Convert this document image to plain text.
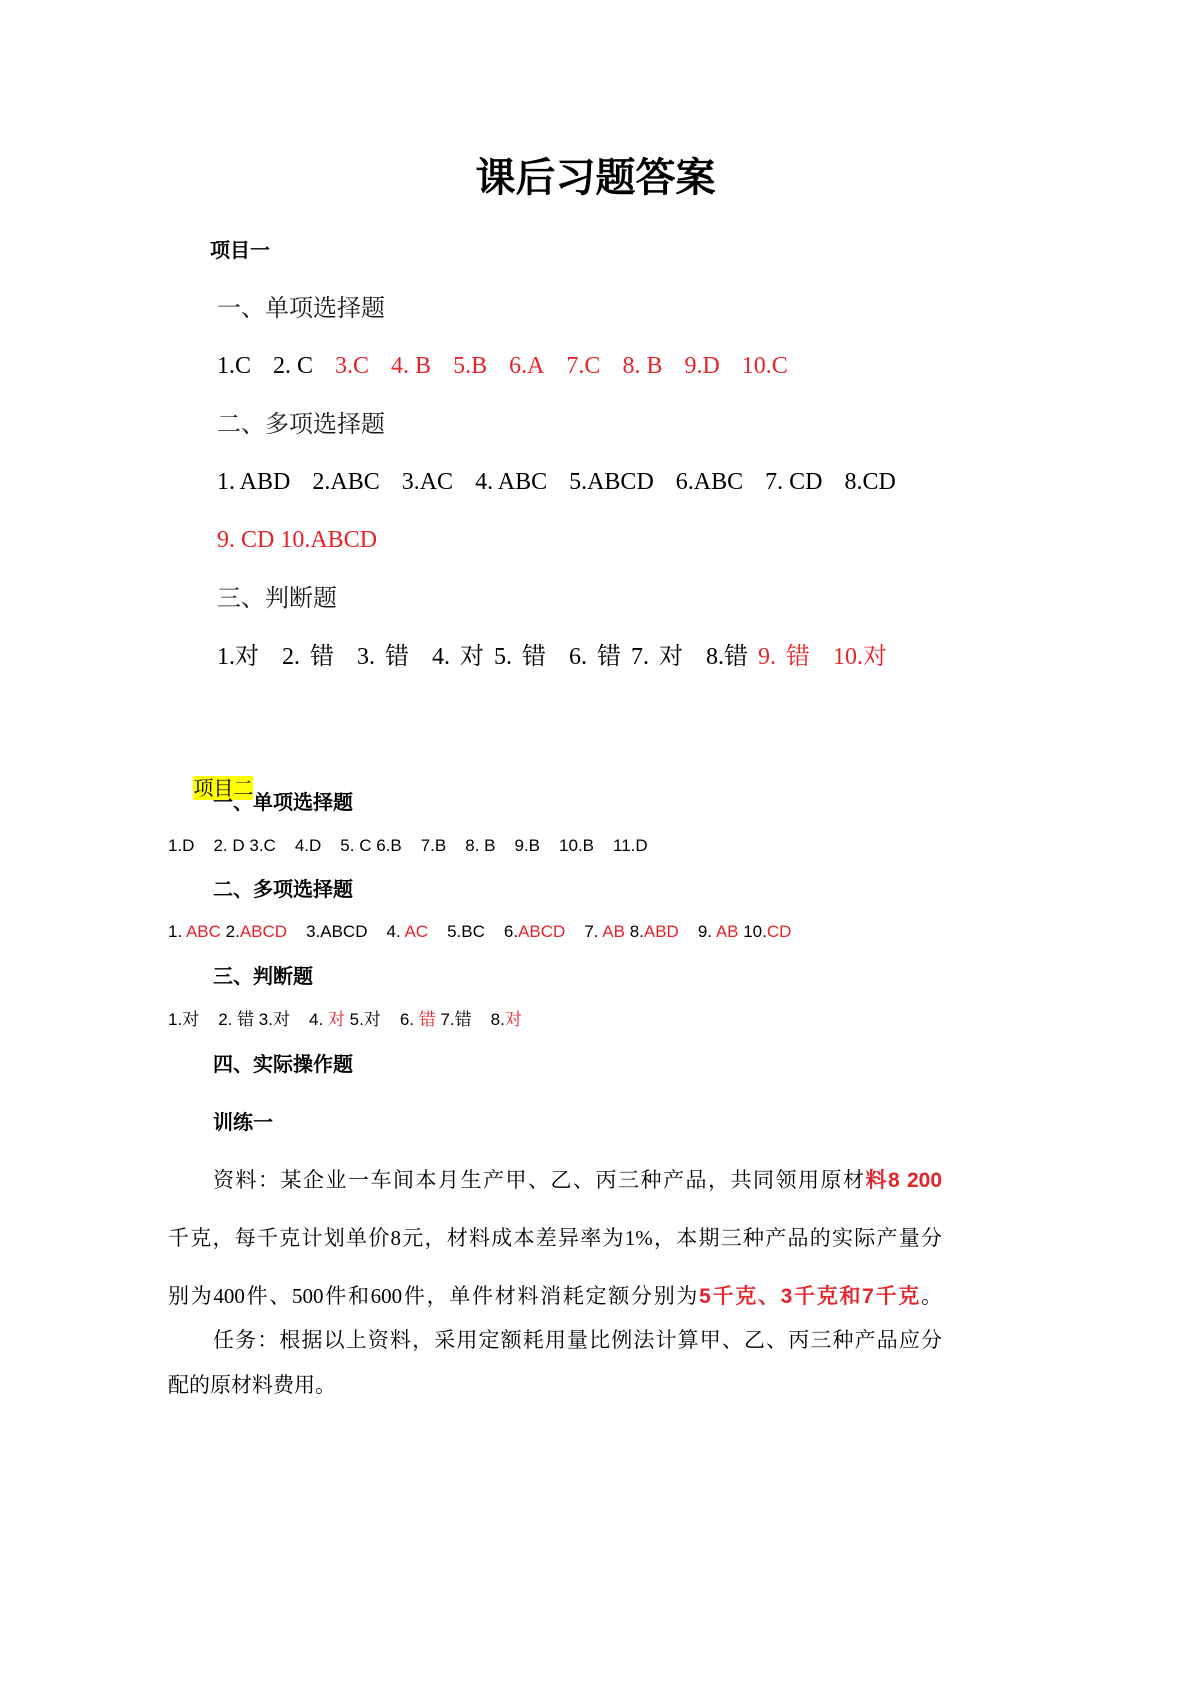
课后习题答案
项目一
一、单项选择题
1.C 2. C 3.C 4. B 5.B 6.A 7.C 8. B 9.D 10.C
二、多项选择题
1. ABD 2.ABC 3.AC 4. ABC 5.ABCD 6.ABC 7. CD 8.CD
9. CD 10.ABCD
三、判断题
1.对 2. 错 3. 错 4. 对 5. 错 6. 错 7. 对 8.错 9. 错 10.对

项目二

一、单项选择题
1.D 2. D 3.C 4.D 5. C 6.B 7.B 8. B 9.B 10.B 11.D
二、多项选择题
1. ABC 2.ABCD 3.ABCD 4. AC 5.BC 6.ABCD 7. AB 8.ABD 9. AB 10.CD
三、判断题
1.对 2. 错 3.对 4. 对 5.对 6. 错 7.错 8.对
四、实际操作题
训练一
资料：某企业一车间本月生产甲、乙、丙三种产品，共同领用原材料8 200
千克，每千克计划单价8元，材料成本差异率为1%，本期三种产品的实际产量分
别为400件、500件和600件，单件材料消耗定额分别为5千克、3千克和7千克。
任务：根据以上资料，采用定额耗用量比例法计算甲、乙、丙三种产品应分
配的原材料费用。
